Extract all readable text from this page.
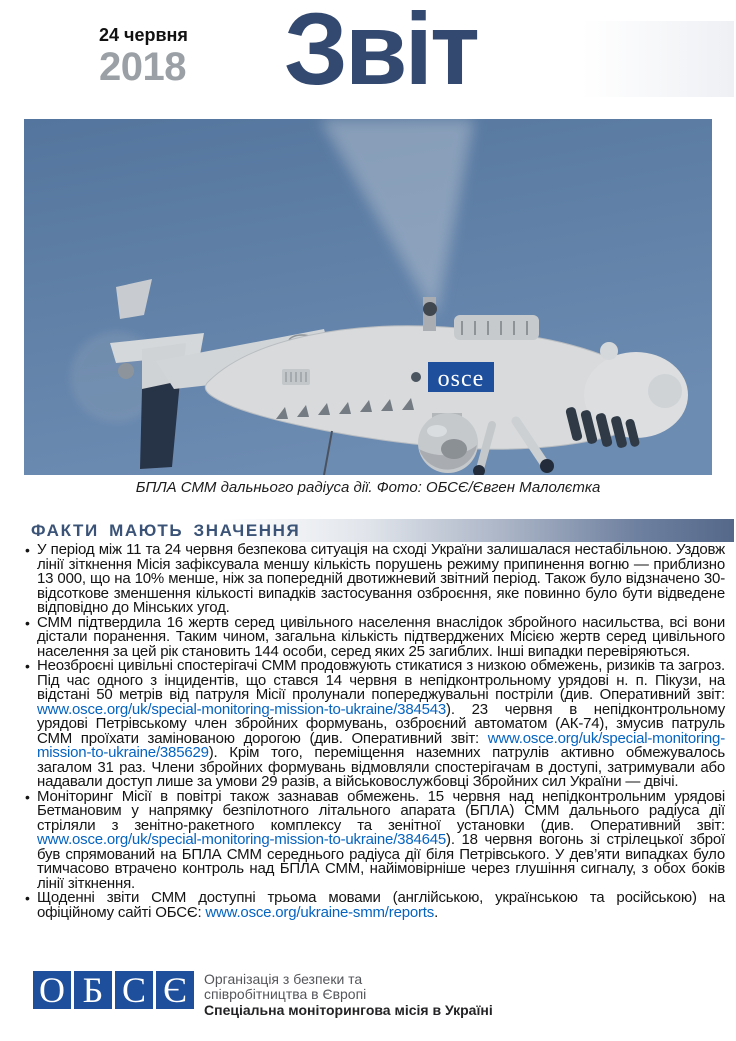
24 червня
2018 Звіт
osce
БПЛА СММ дальнього радіуса дії. Фото: ОБСЄ/Євген Малолєтка
ФАКТИ МАЮТЬ ЗНАЧЕННЯ
• У період між 11 та 24 червня безпекова ситуація на сході України залишалася нестабільною. Уздовж лінії зіткнення Місія зафіксувала меншу кількість порушень режиму припинення вогню — приблизно 13 000, що на 10% менше, ніж за попередній двотижневий звітний період. Також було відзначено 30-відсоткове зменшення кількості випадків застосування озброєння, яке повинно було бути відведене відповідно до Мінських угод.
• СММ підтвердила 16 жертв серед цивільного населення внаслідок збройного насильства, всі вони дістали поранення. Таким чином, загальна кількість підтверджених Місією жертв серед цивільного населення за цей рік становить 144 особи, серед яких 25 загиблих. Інші випадки перевіряються.
• Неозброєні цивільні спостерігачі СММ продовжують стикатися з низкою обмежень, ризиків та загроз. Під час одного з інцидентів, що стався 14 червня в непідконтрольному урядові н. п. Пікузи, на відстані 50 метрів від патруля Місії пролунали попереджувальні постріли (див. Оперативний звіт: www.osce.org/uk/special-monitoring-mission-to-ukraine/384543). 23 червня в непідконтрольному урядові Петрівському член збройних формувань, озброєний автоматом (АК-74), змусив патруль СММ проїхати замінованою дорогою (див. Оперативний звіт: www.osce.org/uk/special-monitoring-mission-to-ukraine/385629). Крім того, переміщення наземних патрулів активно обмежувалось загалом 31 раз. Члени збройних формувань відмовляли спостерігачам в доступі, затримували або надавали доступ лише за умови 29 разів, а військовослужбовці Збройних сил України — двічі.
• Моніторинг Місії в повітрі також зазнавав обмежень. 15 червня над непідконтрольним урядові Бетмановим у напрямку безпілотного літального апарата (БПЛА) СММ дальнього радіуса дії стріляли з зенітно-ракетного комплексу та зенітної установки (див. Оперативний звіт: www.osce.org/uk/special-monitoring-mission-to-ukraine/384645). 18 червня вогонь зі стрілецької зброї був спрямований на БПЛА СММ середнього радіуса дії біля Петрівського. У дев’яти випадках було тимчасово втрачено контроль над БПЛА СММ, найімовірніше через глушіння сигналу, з обох боків лінії зіткнення.
• Щоденні звіти СММ доступні трьома мовами (англійською, українською та російською) на офіційному сайті ОБСЄ: www.osce.org/ukraine-smm/reports.
О Б С Є	Організація з безпеки та
співробітництва в Європі
Спеціальна моніторингова місія в Україні
